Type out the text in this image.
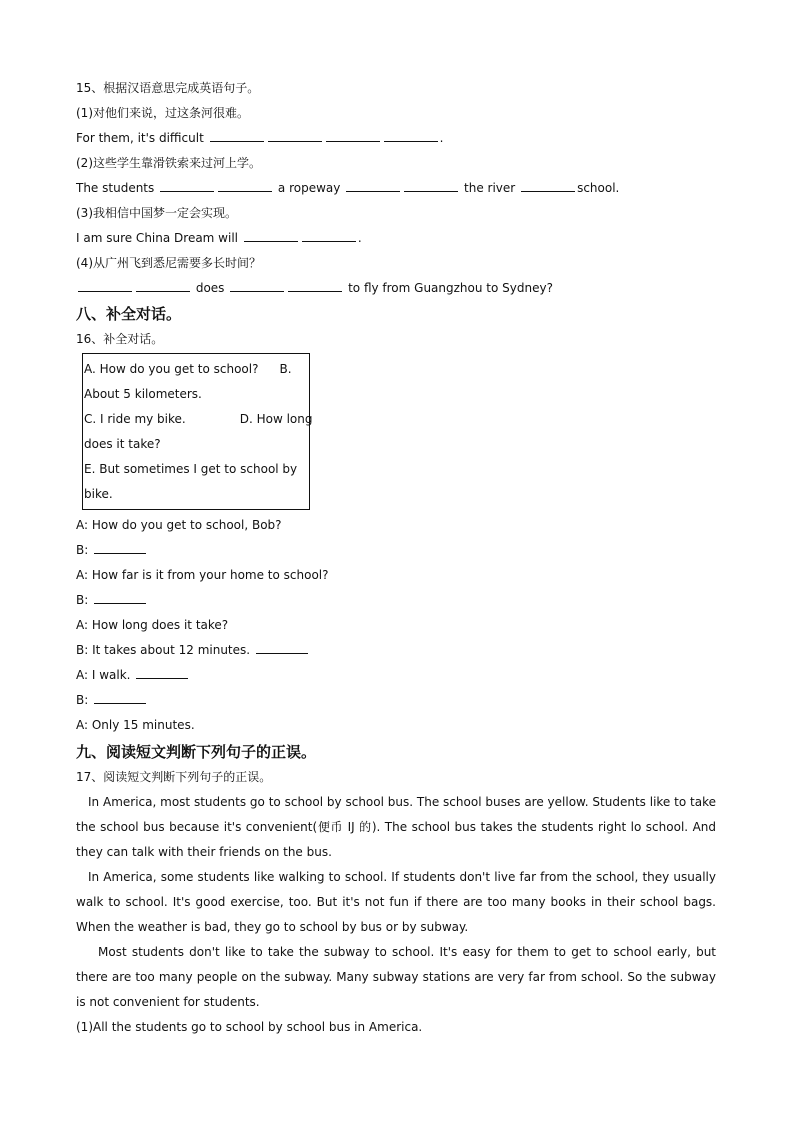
15、根据汉语意思完成英语句子。
(1)对他们来说，过这条河很难。
For them, it's difficult	.
(2)这些学生靠滑铁索来过河上学。
The students	a ropeway	the river	school.
(3)我相信中国梦一定会实现。
I am sure China Dream will	.
(4)从广州飞到悉尼需要多长时间？
does	to fly from Guangzhou to Sydney?
八、补全对话。
16、补全对话。
A. How do you get to school? B.
About 5 kilometers.
C. I ride my bike.	D. How long
does it take?
E. But sometimes I get to school by
bike.
A: How do you get to school, Bob?
B:
A: How far is it from your home to school?
B:
A: How long does it take?
B: It takes about 12 minutes.
A: I walk.
B:
A: Only 15 minutes.
九、阅读短文判断下列句子的正误。
17、阅读短文判断下列句子的正误。
In America, most students go to school by school bus. The school buses are yellow. Students like to take the school bus because it's convenient(便币 IJ 的). The school bus takes the students right lo school. And they can talk with their friends on the bus.
In America, some students like walking to school. If students don't live far from the school, they usually walk to school. It's good exercise, too. But it's not fun if there are too many books in their school bags. When the weather is bad, they go to school by bus or by subway.
Most students don't like to take the subway to school. It's easy for them to get to school early, but there are too many people on the subway. Many subway stations are very far from school. So the subway is not convenient for students.
(1)All the students go to school by school bus in America.
